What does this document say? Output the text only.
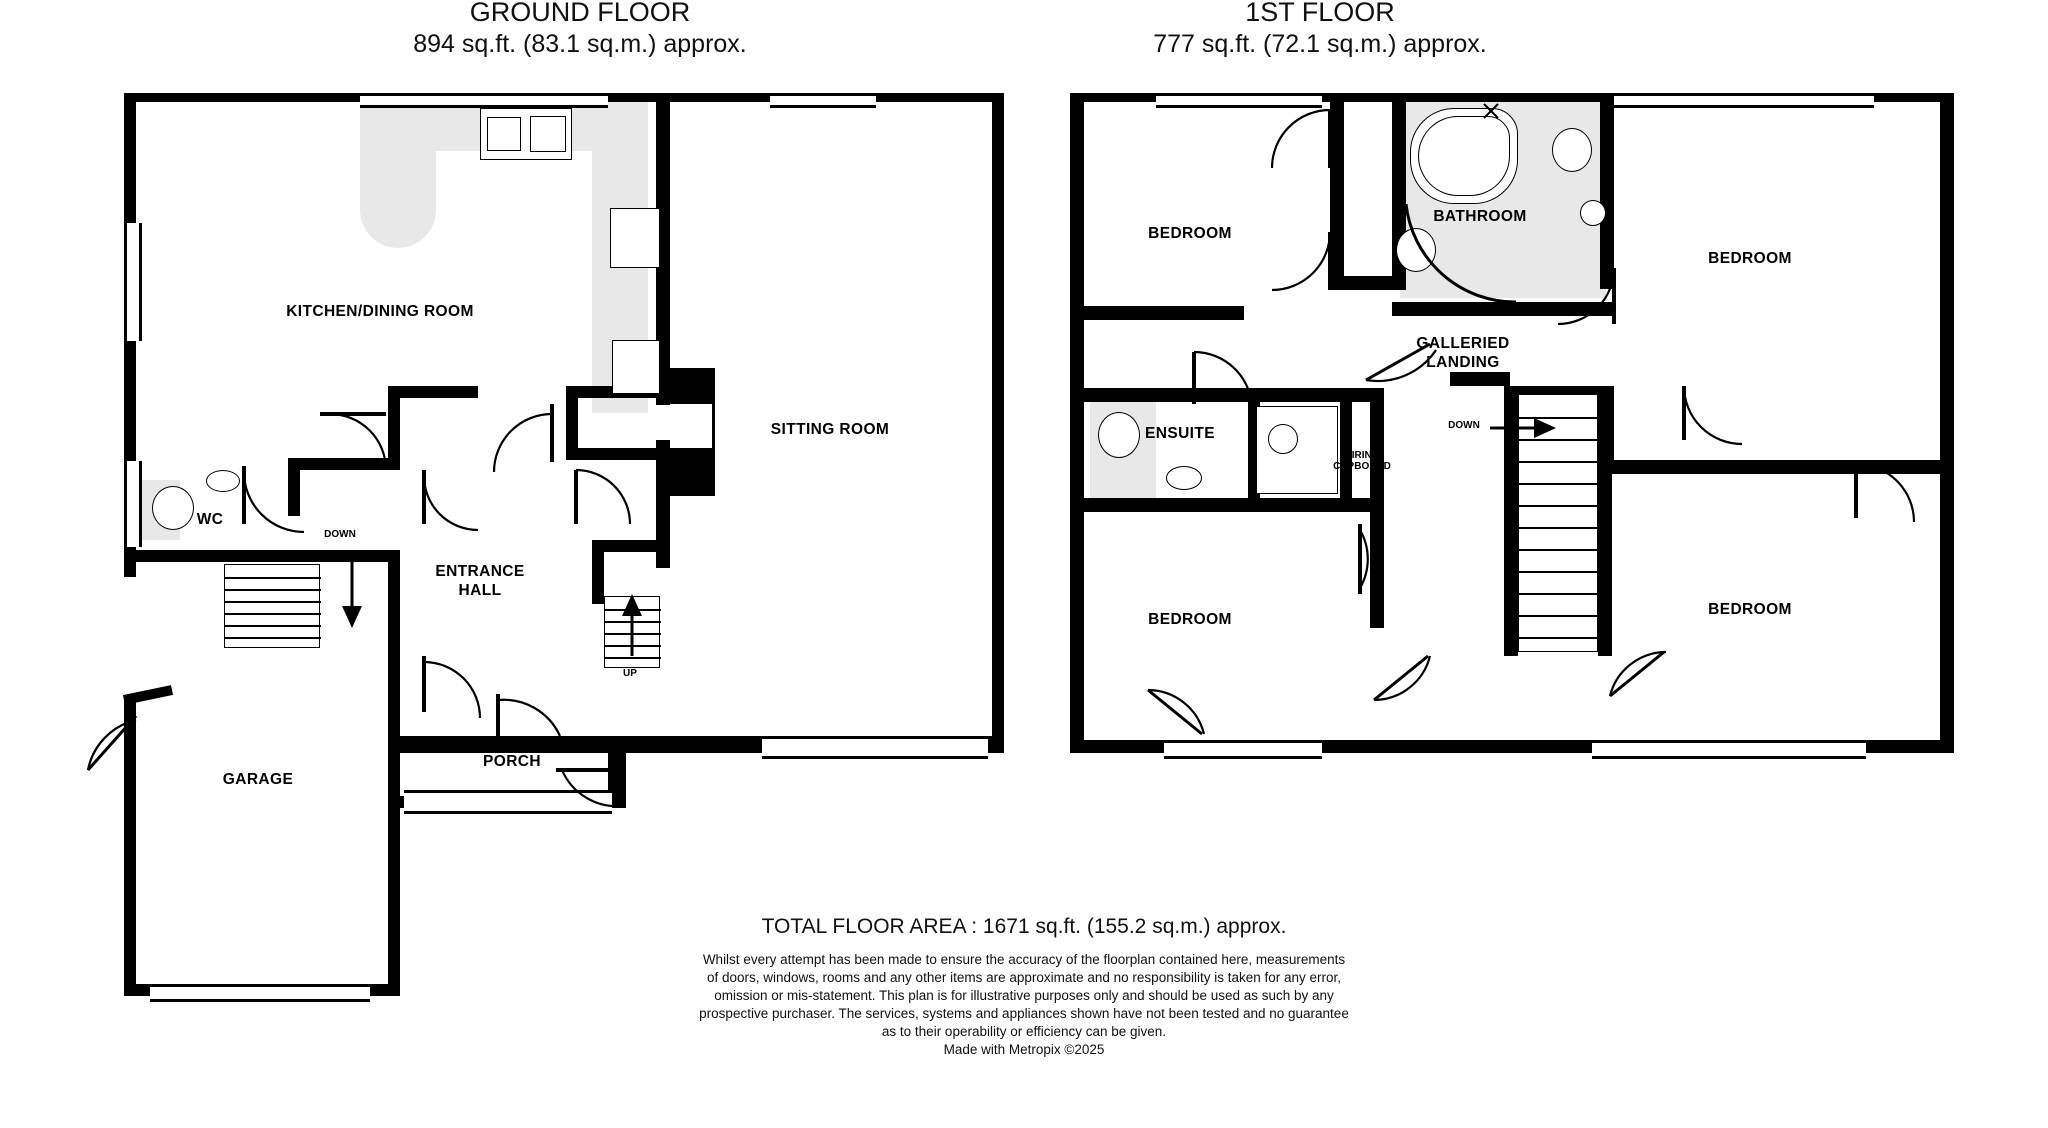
GROUND FLOOR
894 sq.ft. (83.1 sq.m.) approx.
1ST FLOOR
777 sq.ft. (72.1 sq.m.) approx.
KITCHEN/DINING ROOM
SITTING ROOM
ENTRANCE
HALL
WC
GARAGE
PORCH
DOWN
UP
BEDROOM
BEDROOM
BEDROOM
BEDROOM
BATHROOM
ENSUITE
GALLERIED
LANDING
AIRING
CUPBOARD
DOWN
TOTAL FLOOR AREA : 1671 sq.ft. (155.2 sq.m.) approx.
Whilst every attempt has been made to ensure the accuracy of the floorplan contained here, measurements
of doors, windows, rooms and any other items are approximate and no responsibility is taken for any error,
omission or mis-statement. This plan is for illustrative purposes only and should be used as such by any
prospective purchaser. The services, systems and appliances shown have not been tested and no guarantee
as to their operability or efficiency can be given.
Made with Metropix ©2025
